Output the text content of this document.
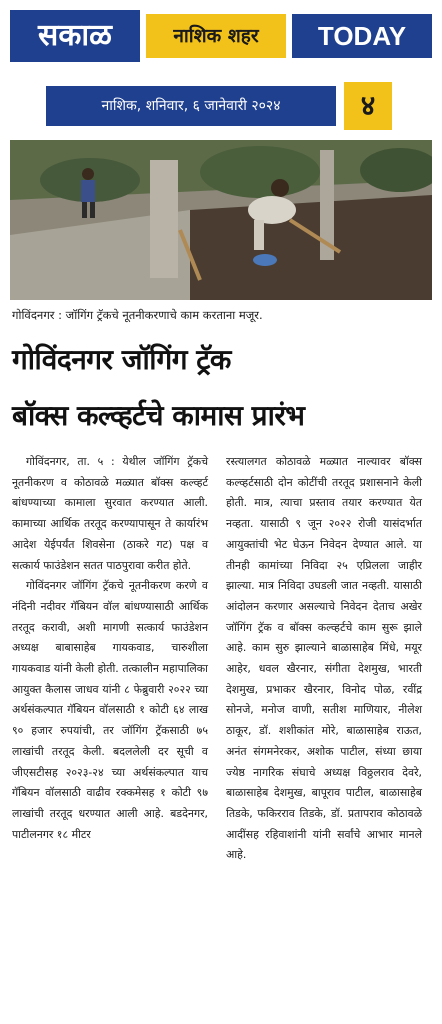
सकाळ	नाशिक शहर	TODAY
नाशिक, शनिवार, ६ जानेवारी २०२४	४
गोविंदनगर : जॉगिंग ट्रॅकचे नूतनीकरणाचे काम करताना मजूर.
गोविंदनगर जॉगिंग ट्रॅक
बॉक्स कल्व्हर्टचे कामास प्रारंभ

गोविंदनगर, ता. ५ : येथील जॉगिंग ट्रॅकचे नूतनीकरण व कोठावळे मळ्यात बॉक्स कल्व्हर्ट बांधण्याच्या कामाला सुरवात करण्यात आली. कामाच्या आर्थिक तरतूद करण्यापासून ते कार्यारंभ आदेश येईपर्यंत शिवसेना (ठाकरे गट) पक्ष व सत्कार्य फाउंडेशन सतत पाठपुरावा करीत होते.

गोविंदनगर जॉगिंग ट्रॅकचे नूतनीकरण करणे व नंदिनी नदीवर गॅबियन वॉल बांधण्यासाठी आर्थिक तरतूद करावी, अशी मागणी सत्कार्य फाउंडेशन अध्यक्ष बाबासाहेब गायकवाड, चारुशीला गायकवाड यांनी केली होती. तत्कालीन महापालिका आयुक्त कैलास जाधव यांनी ८ फेब्रुवारी २०२२ च्या अर्थसंकल्पात गॅबियन वॉलसाठी १ कोटी ६४ लाख ९० हजार रुपयांची, तर जॉगिंग ट्रॅकसाठी ७५ लाखांची तरतूद केली. बदललेली दर सूची व जीएसटीसह २०२३-२४ च्या अर्थसंकल्पात याच गॅबियन वॉलसाठी वाढीव रक्कमेसह १ कोटी ९७ लाखांची तरतूद धरण्यात आली आहे. बडदेनगर, पाटीलनगर १८ मीटर

रस्त्यालगत कोठावळे मळ्यात नाल्यावर बॉक्स कल्व्हर्टसाठी दोन कोटींची तरतूद प्रशासनाने केली होती. मात्र, त्याचा प्रस्ताव तयार करण्यात येत नव्हता. यासाठी ९ जून २०२२ रोजी यासंदर्भात आयुक्तांची भेट घेऊन निवेदन देण्यात आले. या तीनही कामांच्या निविदा २५ एप्रिलला जाहीर झाल्या. मात्र निविदा उघडली जात नव्हती. यासाठी आंदोलन करणार असल्याचे निवेदन देताच अखेर जॉगिंग ट्रॅक व बॉक्स कल्व्हर्टचे काम सुरू झाले आहे. काम सुरु झाल्याने बाळासाहेब मिंधे, मयूर आहेर, धवल खैरनार, संगीता देशमुख, भारती देशमुख, प्रभाकर खैरनार, विनोद पोळ, रवींद्र सोनजे, मनोज वाणी, सतीश माणियार, नीलेश ठाकूर, डॉ. शशीकांत मोरे, बाळासाहेब राऊत, अनंत संगमनेरकर, अशोक पाटील, संध्या छाया ज्येष्ठ नागरिक संघाचे अध्यक्ष विठ्ठलराव देवरे, बाळासाहेब देशमुख, बापूराव पाटील, बाळासाहेब तिडके, फकिरराव तिडके, डॉ. प्रतापराव कोठावळे आदींसह रहिवाशांनी यांनी सर्वांचे आभार मानले आहे.
